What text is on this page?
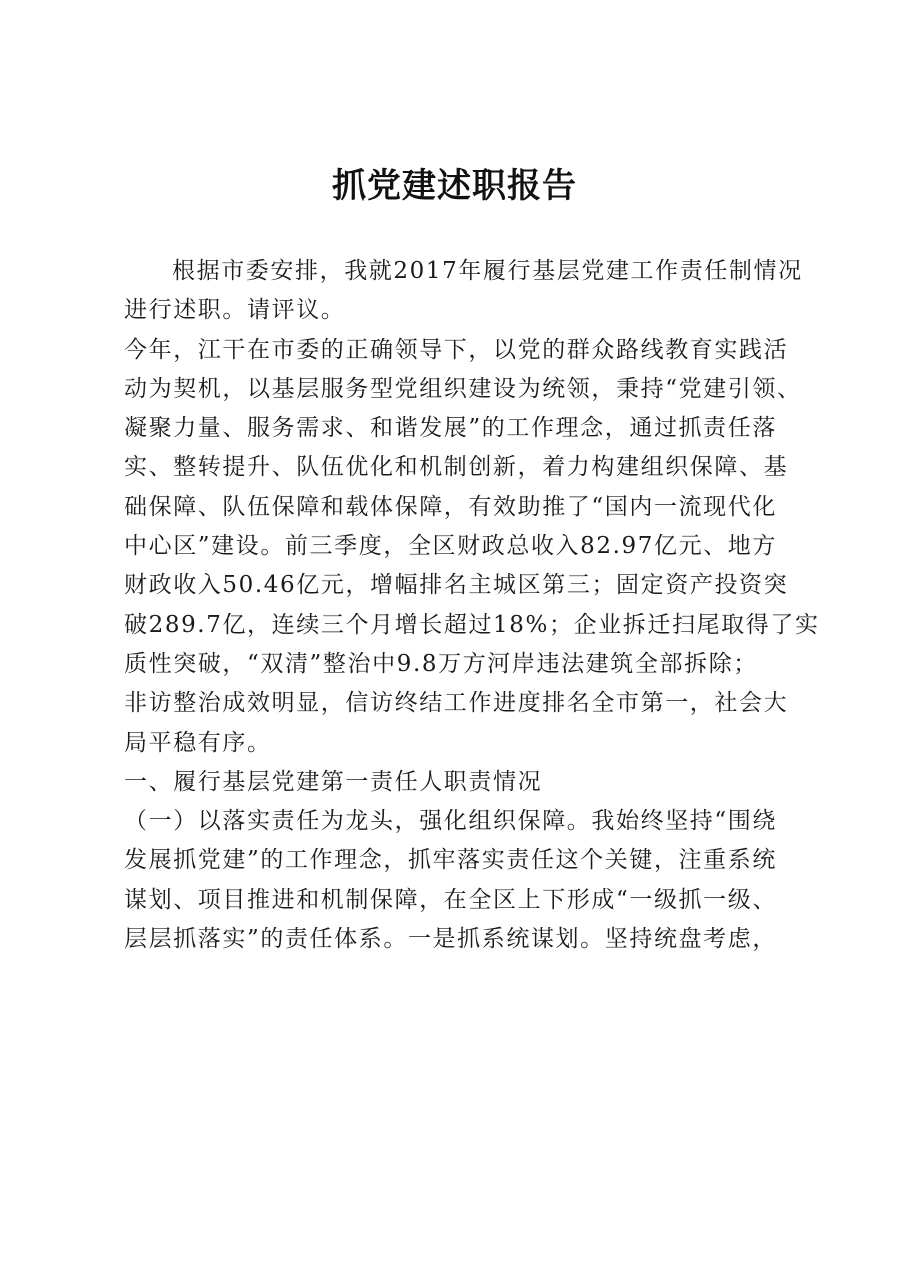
抓党建述职报告

根据市委安排，我就2017年履行基层党建工作责任制情况

进行述职。请评议。

今年，江干在市委的正确领导下，以党的群众路线教育实践活

动为契机，以基层服务型党组织建设为统领，秉持“党建引领、

凝聚力量、服务需求、和谐发展”的工作理念，通过抓责任落

实、整转提升、队伍优化和机制创新，着力构建组织保障、基

础保障、队伍保障和载体保障，有效助推了“国内一流现代化

中心区”建设。前三季度，全区财政总收入82.97亿元、地方

财政收入50.46亿元，增幅排名主城区第三；固定资产投资突

破289.7亿，连续三个月增长超过18%；企业拆迁扫尾取得了实

质性突破，“双清”整治中9.8万方河岸违法建筑全部拆除；

非访整治成效明显，信访终结工作进度排名全市第一，社会大

局平稳有序。

一、履行基层党建第一责任人职责情况

（一）以落实责任为龙头，强化组织保障。我始终坚持“围绕

发展抓党建”的工作理念，抓牢落实责任这个关键，注重系统

谋划、项目推进和机制保障，在全区上下形成“一级抓一级、

层层抓落实”的责任体系。一是抓系统谋划。坚持统盘考虑，
